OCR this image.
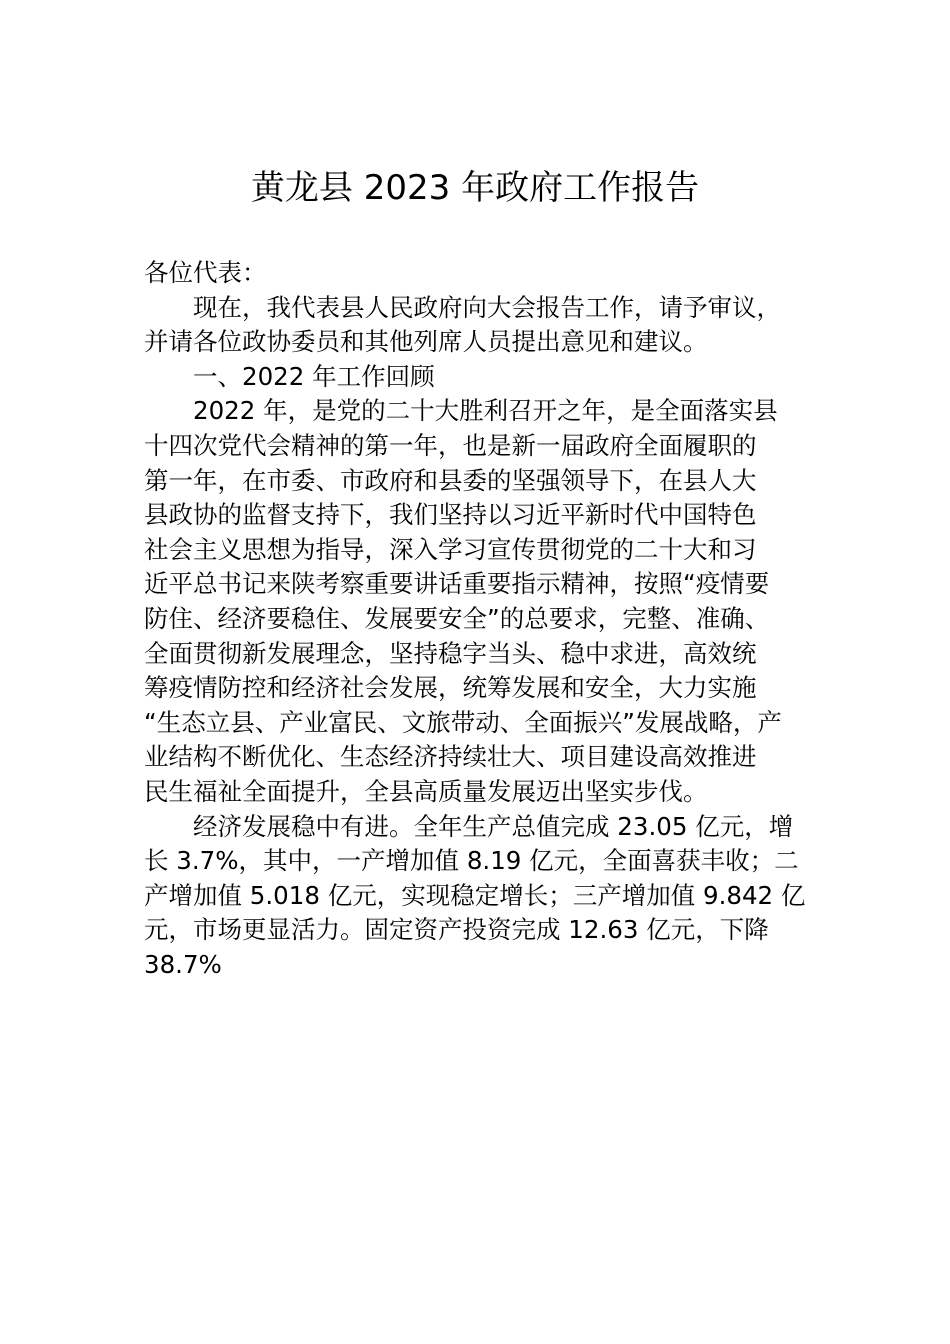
黄龙县 2023 年政府工作报告
各位代表：
现在，我代表县人民政府向大会报告工作，请予审议，
并请各位政协委员和其他列席人员提出意见和建议。
一、2022 年工作回顾
2022 年，是党的二十大胜利召开之年，是全面落实县
十四次党代会精神的第一年，也是新一届政府全面履职的
第一年，在市委、市政府和县委的坚强领导下，在县人大
县政协的监督支持下，我们坚持以习近平新时代中国特色
社会主义思想为指导，深入学习宣传贯彻党的二十大和习
近平总书记来陕考察重要讲话重要指示精神，按照“疫情要
防住、经济要稳住、发展要安全”的总要求，完整、准确、
全面贯彻新发展理念，坚持稳字当头、稳中求进，高效统
筹疫情防控和经济社会发展，统筹发展和安全，大力实施
“生态立县、产业富民、文旅带动、全面振兴”发展战略，产
业结构不断优化、生态经济持续壮大、项目建设高效推进
民生福祉全面提升，全县高质量发展迈出坚实步伐。
经济发展稳中有进。全年生产总值完成 23.05 亿元，增
长 3.7%，其中，一产增加值 8.19 亿元，全面喜获丰收；二
产增加值 5.018 亿元，实现稳定增长；三产增加值 9.842 亿
元，市场更显活力。固定资产投资完成 12.63 亿元，下降
38.7%
